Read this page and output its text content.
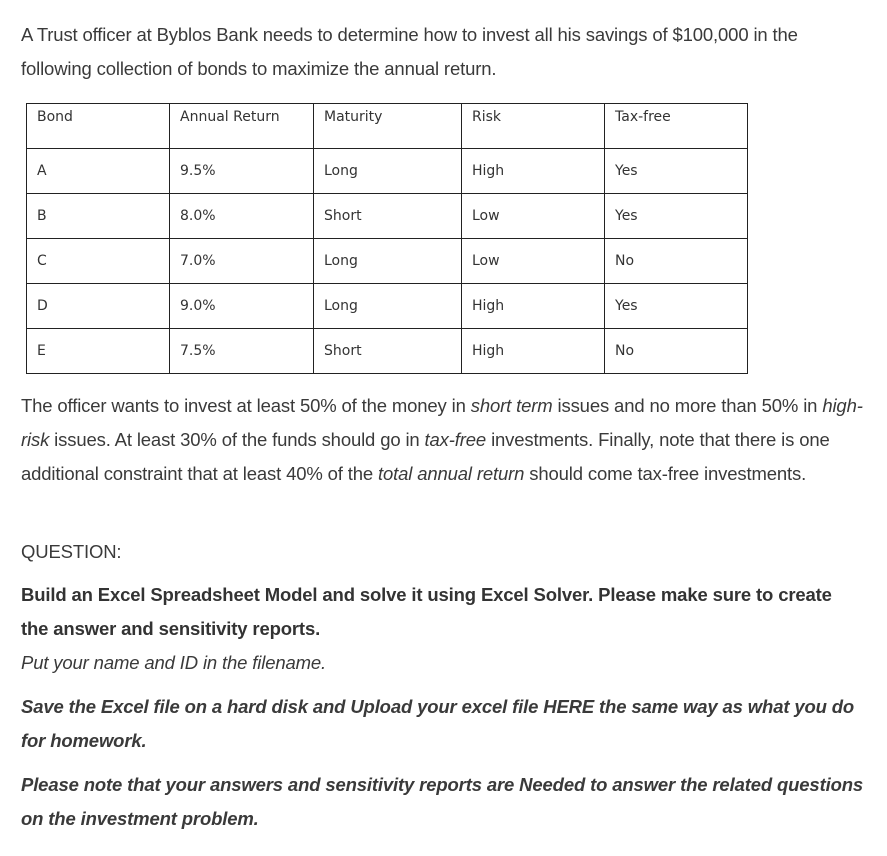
A Trust officer at Byblos Bank needs to determine how to invest all his savings of $100,000 in the following collection of bonds to maximize the annual return.

Bond	Annual Return	Maturity	Risk	Tax-free
A	9.5%	Long	High	Yes
B	8.0%	Short	Low	Yes
C	7.0%	Long	Low	No
D	9.0%	Long	High	Yes
E	7.5%	Short	High	No

The officer wants to invest at least 50% of the money in short term issues and no more than 50% in high-risk issues. At least 30% of the funds should go in tax-free investments. Finally, note that there is one additional constraint that at least 40% of the total annual return should come tax-free investments.

QUESTION:

Build an Excel Spreadsheet Model and solve it using Excel Solver. Please make sure to create the answer and sensitivity reports.

Put your name and ID in the filename.

Save the Excel file on a hard disk and Upload your excel file HERE the same way as what you do for homework.

Please note that your answers and sensitivity reports are Needed to answer the related questions on the investment problem.
